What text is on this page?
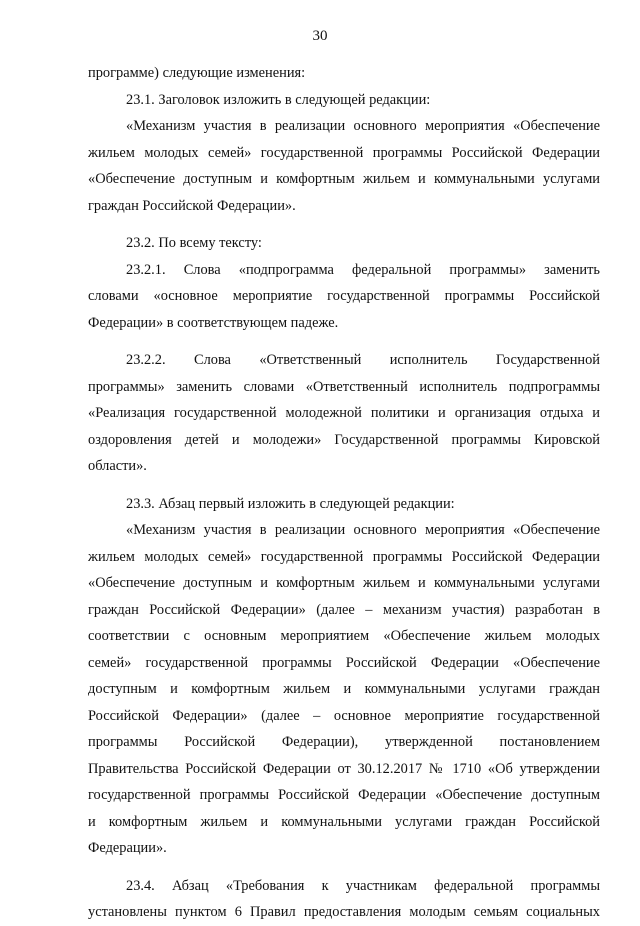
30
программе) следующие изменения:
23.1. Заголовок изложить в следующей редакции:
«Механизм участия в реализации основного мероприятия «Обеспечение
жильем молодых семей» государственной программы Российской Федерации
«Обеспечение доступным и комфортным жильем и коммунальными услугами
граждан Российской Федерации».
23.2. По всему тексту:
23.2.1. Слова «подпрограмма федеральной программы» заменить
словами «основное мероприятие государственной программы Российской
Федерации» в соответствующем падеже.
23.2.2. Слова «Ответственный исполнитель Государственной
программы» заменить словами «Ответственный исполнитель подпрограммы
«Реализация государственной молодежной политики и организация отдыха и
оздоровления детей и молодежи» Государственной программы Кировской
области».
23.3. Абзац первый изложить в следующей редакции:
«Механизм участия в реализации основного мероприятия «Обеспечение
жильем молодых семей» государственной программы Российской Федерации
«Обеспечение доступным и комфортным жильем и коммунальными услугами
граждан Российской Федерации» (далее – механизм участия) разработан в
соответствии с основным мероприятием «Обеспечение жильем молодых
семей» государственной программы Российской Федерации «Обеспечение
доступным и комфортным жильем и коммунальными услугами граждан
Российской Федерации» (далее – основное мероприятие государственной
программы Российской Федерации), утвержденной постановлением
Правительства Российской Федерации от 30.12.2017 № 1710 «Об утверждении
государственной программы Российской Федерации «Обеспечение доступным
и комфортным жильем и коммунальными услугами граждан Российской
Федерации».
23.4. Абзац «Требования к участникам федеральной программы
установлены пунктом 6 Правил предоставления молодым семьям социальных
